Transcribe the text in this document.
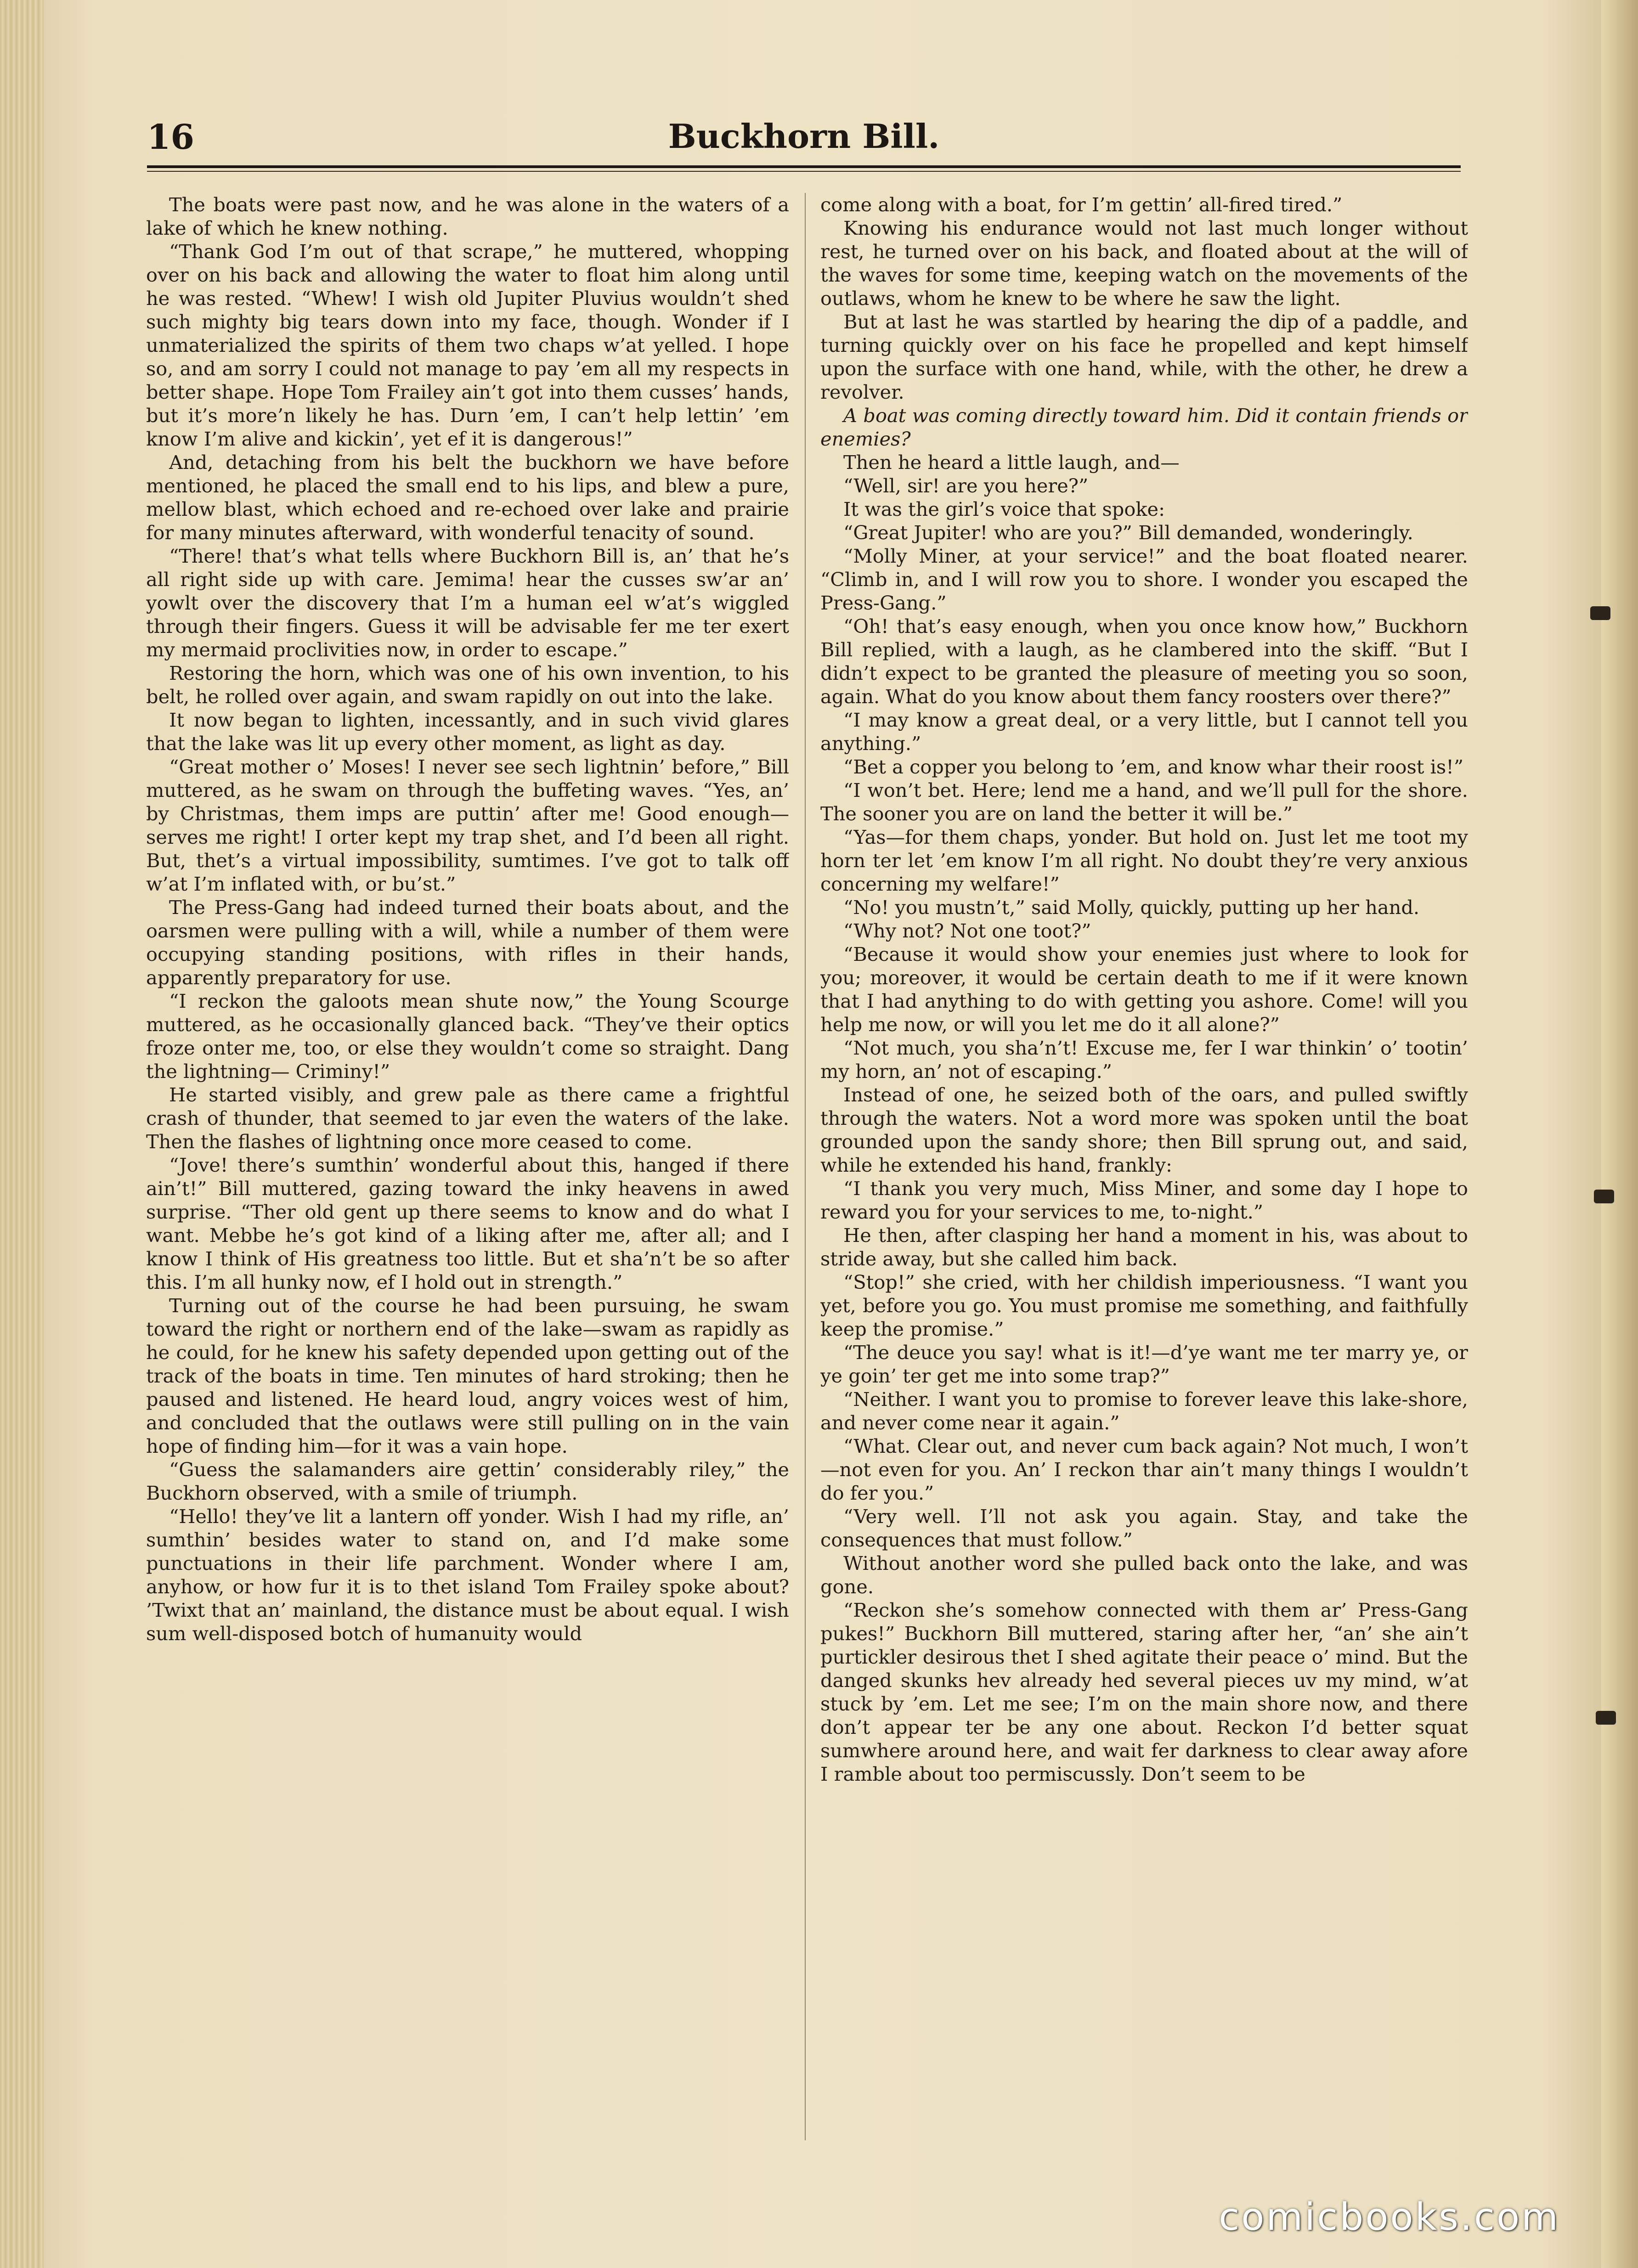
16	Buckhorn Bill.

The boats were past now, and he was alone in the waters of a lake of which he knew nothing.

“Thank God I’m out of that scrape,” he muttered, whopping over on his back and allowing the water to float him along until he was rested. “Whew! I wish old Jupiter Pluvius wouldn’t shed such mighty big tears down into my face, though. Wonder if I unmaterialized the spirits of them two chaps w’at yelled. I hope so, and am sorry I could not manage to pay ’em all my respects in better shape. Hope Tom Frailey ain’t got into them cusses’ hands, but it’s more’n likely he has. Durn ’em, I can’t help lettin’ ’em know I’m alive and kickin’, yet ef it is dangerous!”

And, detaching from his belt the buckhorn we have before mentioned, he placed the small end to his lips, and blew a pure, mellow blast, which echoed and re-echoed over lake and prairie for many minutes afterward, with wonderful tenacity of sound.

“There! that’s what tells where Buckhorn Bill is, an’ that he’s all right side up with care. Jemima! hear the cusses sw’ar an’ yowlt over the discovery that I’m a human eel w’at’s wiggled through their fingers. Guess it will be advisable fer me ter exert my mermaid proclivities now, in order to escape.”

Restoring the horn, which was one of his own invention, to his belt, he rolled over again, and swam rapidly on out into the lake.

It now began to lighten, incessantly, and in such vivid glares that the lake was lit up every other moment, as light as day.

“Great mother o’ Moses! I never see sech lightnin’ before,” Bill muttered, as he swam on through the buffeting waves. “Yes, an’ by Christmas, them imps are puttin’ after me! Good enough—serves me right! I orter kept my trap shet, and I’d been all right. But, thet’s a virtual impossibility, sumtimes. I’ve got to talk off w’at I’m inflated with, or bu’st.”

The Press-Gang had indeed turned their boats about, and the oarsmen were pulling with a will, while a number of them were occupying standing positions, with rifles in their hands, apparently preparatory for use.

“I reckon the galoots mean shute now,” the Young Scourge muttered, as he occasionally glanced back. “They’ve their optics froze onter me, too, or else they wouldn’t come so straight. Dang the lightning— Criminy!”

He started visibly, and grew pale as there came a frightful crash of thunder, that seemed to jar even the waters of the lake. Then the flashes of lightning once more ceased to come.

“Jove! there’s sumthin’ wonderful about this, hanged if there ain’t!” Bill muttered, gazing toward the inky heavens in awed surprise. “Ther old gent up there seems to know and do what I want. Mebbe he’s got kind of a liking after me, after all; and I know I think of His greatness too little. But et sha’n’t be so after this. I’m all hunky now, ef I hold out in strength.”

Turning out of the course he had been pursuing, he swam toward the right or northern end of the lake—swam as rapidly as he could, for he knew his safety depended upon getting out of the track of the boats in time. Ten minutes of hard stroking; then he paused and listened. He heard loud, angry voices west of him, and concluded that the outlaws were still pulling on in the vain hope of finding him—for it was a vain hope.

“Guess the salamanders aire gettin’ considerably riley,” the Buckhorn observed, with a smile of triumph.

“Hello! they’ve lit a lantern off yonder. Wish I had my rifle, an’ sumthin’ besides water to stand on, and I’d make some punctuations in their life parchment. Wonder where I am, anyhow, or how fur it is to thet island Tom Frailey spoke about? ’Twixt that an’ mainland, the distance must be about equal. I wish sum well-disposed botch of humanuity would

come along with a boat, for I’m gettin’ all-fired tired.”

Knowing his endurance would not last much longer without rest, he turned over on his back, and floated about at the will of the waves for some time, keeping watch on the movements of the outlaws, whom he knew to be where he saw the light.

But at last he was startled by hearing the dip of a paddle, and turning quickly over on his face he propelled and kept himself upon the surface with one hand, while, with the other, he drew a revolver.

A boat was coming directly toward him. Did it contain friends or enemies?

Then he heard a little laugh, and—

“Well, sir! are you here?”

It was the girl’s voice that spoke:

“Great Jupiter! who are you?” Bill demanded, wonderingly.

“Molly Miner, at your service!” and the boat floated nearer. “Climb in, and I will row you to shore. I wonder you escaped the Press-Gang.”

“Oh! that’s easy enough, when you once know how,” Buckhorn Bill replied, with a laugh, as he clambered into the skiff. “But I didn’t expect to be granted the pleasure of meeting you so soon, again. What do you know about them fancy roosters over there?”

“I may know a great deal, or a very little, but I cannot tell you anything.”

“Bet a copper you belong to ’em, and know whar their roost is!”

“I won’t bet. Here; lend me a hand, and we’ll pull for the shore. The sooner you are on land the better it will be.”

“Yas—for them chaps, yonder. But hold on. Just let me toot my horn ter let ’em know I’m all right. No doubt they’re very anxious concerning my welfare!”

“No! you mustn’t,” said Molly, quickly, putting up her hand.

“Why not? Not one toot?”

“Because it would show your enemies just where to look for you; moreover, it would be certain death to me if it were known that I had anything to do with getting you ashore. Come! will you help me now, or will you let me do it all alone?”

“Not much, you sha’n’t! Excuse me, fer I war thinkin’ o’ tootin’ my horn, an’ not of escaping.”

Instead of one, he seized both of the oars, and pulled swiftly through the waters. Not a word more was spoken until the boat grounded upon the sandy shore; then Bill sprung out, and said, while he extended his hand, frankly:

“I thank you very much, Miss Miner, and some day I hope to reward you for your services to me, to-night.”

He then, after clasping her hand a moment in his, was about to stride away, but she called him back.

“Stop!” she cried, with her childish imperiousness. “I want you yet, before you go. You must promise me something, and faithfully keep the promise.”

“The deuce you say! what is it!—d’ye want me ter marry ye, or ye goin’ ter get me into some trap?”

“Neither. I want you to promise to forever leave this lake-shore, and never come near it again.”

“What. Clear out, and never cum back again? Not much, I won’t—not even for you. An’ I reckon thar ain’t many things I wouldn’t do fer you.”

“Very well. I’ll not ask you again. Stay, and take the consequences that must follow.”

Without another word she pulled back onto the lake, and was gone.

“Reckon she’s somehow connected with them ar’ Press-Gang pukes!” Buckhorn Bill muttered, staring after her, “an’ she ain’t purtickler desirous thet I shed agitate their peace o’ mind. But the danged skunks hev already hed several pieces uv my mind, w’at stuck by ’em. Let me see; I’m on the main shore now, and there don’t appear ter be any one about. Reckon I’d better squat sumwhere around here, and wait fer darkness to clear away afore I ramble about too permiscussly. Don’t seem to be

comicbooks.com
